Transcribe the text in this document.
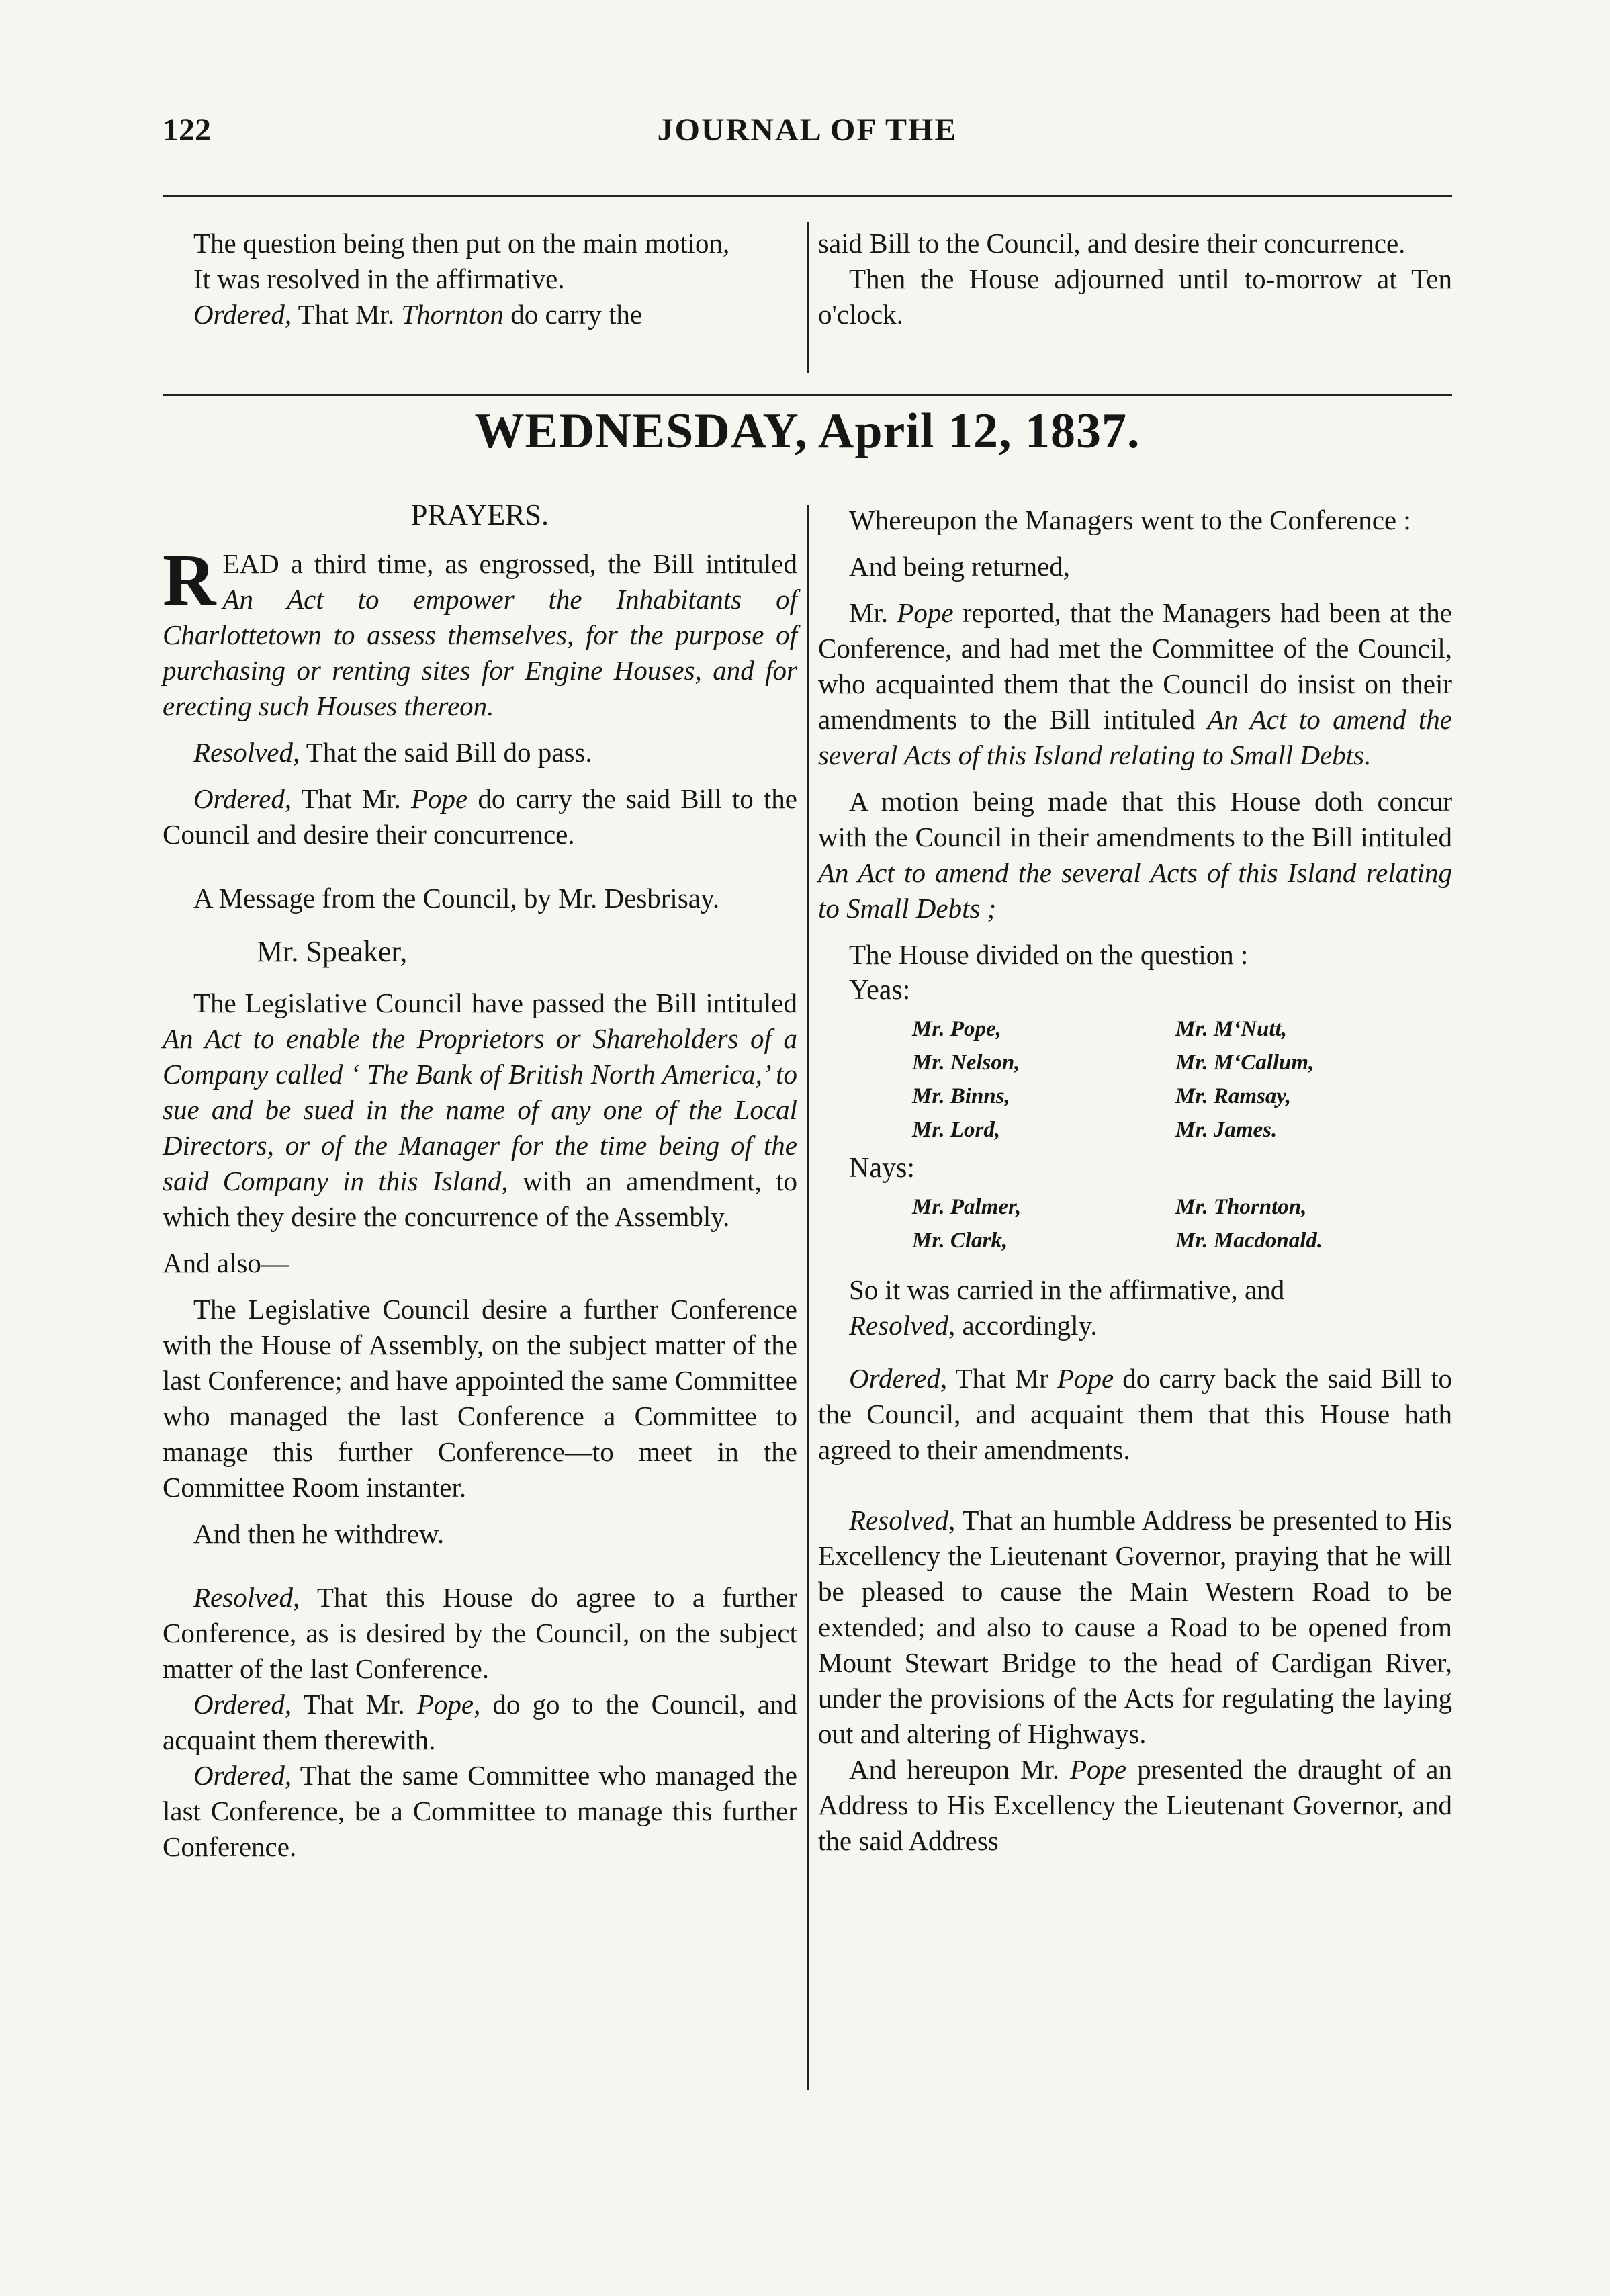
122	JOURNAL OF THE

The question being then put on the main motion,

It was resolved in the affirmative.

Ordered, That Mr. Thornton do carry the

said Bill to the Council, and desire their concurrence.

Then the House adjourned until to-morrow at Ten o'clock.

WEDNESDAY, April 12, 1837.

PRAYERS.

READ a third time, as engrossed, the Bill intituled An Act to empower the Inhabitants of Charlottetown to assess themselves, for the purpose of purchasing or renting sites for Engine Houses, and for erecting such Houses thereon.

Resolved, That the said Bill do pass.

Ordered, That Mr. Pope do carry the said Bill to the Council and desire their concurrence.

A Message from the Council, by Mr. Desbrisay.

Mr. Speaker,

The Legislative Council have passed the Bill intituled An Act to enable the Proprietors or Shareholders of a Company called ‘ The Bank of British North America,’ to sue and be sued in the name of any one of the Local Directors, or of the Manager for the time being of the said Company in this Island, with an amendment, to which they desire the concurrence of the Assembly.

And also—

The Legislative Council desire a further Conference with the House of Assembly, on the subject matter of the last Conference; and have appointed the same Committee who managed the last Conference a Committee to manage this further Conference—to meet in the Committee Room instanter.

And then he withdrew.

Resolved, That this House do agree to a further Conference, as is desired by the Council, on the subject matter of the last Conference.

Ordered, That Mr. Pope, do go to the Council, and acquaint them therewith.

Ordered, That the same Committee who managed the last Conference, be a Committee to manage this further Conference.

Whereupon the Managers went to the Conference :

And being returned,

Mr. Pope reported, that the Managers had been at the Conference, and had met the Committee of the Council, who acquainted them that the Council do insist on their amendments to the Bill intituled An Act to amend the several Acts of this Island relating to Small Debts.

A motion being made that this House doth concur with the Council in their amendments to the Bill intituled An Act to amend the several Acts of this Island relating to Small Debts ;

The House divided on the question :

Yeas:

Mr. Pope,	Mr. M‘Nutt,
Mr. Nelson,	Mr. M‘Callum,
Mr. Binns,	Mr. Ramsay,
Mr. Lord,	Mr. James.

Nays:

Mr. Palmer,	Mr. Thornton,
Mr. Clark,	Mr. Macdonald.

So it was carried in the affirmative, and

Resolved, accordingly.

Ordered, That Mr Pope do carry back the said Bill to the Council, and acquaint them that this House hath agreed to their amendments.

Resolved, That an humble Address be presented to His Excellency the Lieutenant Governor, praying that he will be pleased to cause the Main Western Road to be extended; and also to cause a Road to be opened from Mount Stewart Bridge to the head of Cardigan River, under the provisions of the Acts for regulating the laying out and altering of Highways.

And hereupon Mr. Pope presented the draught of an Address to His Excellency the Lieutenant Governor, and the said Address
